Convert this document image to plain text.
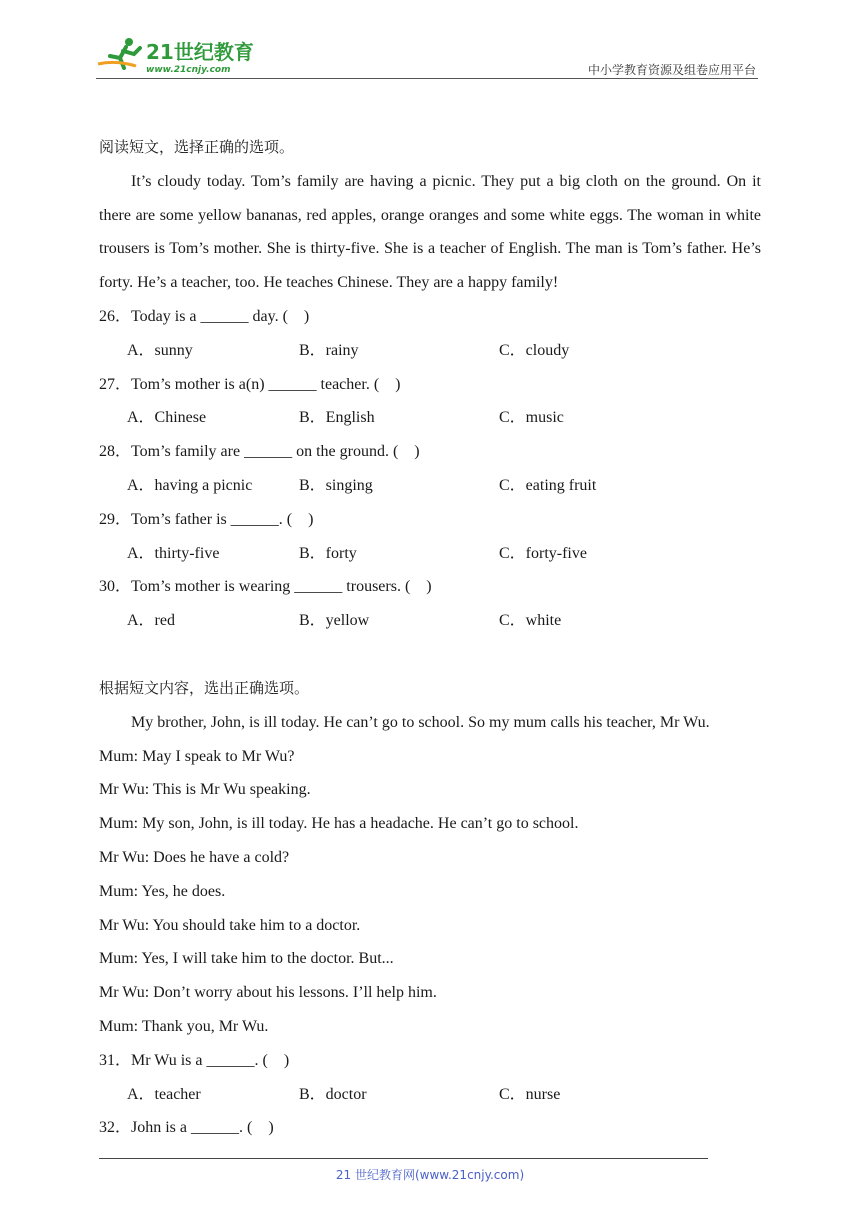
21世纪教育
www.21cnjy.com	中小学教育资源及组卷应用平台
阅读短文，选择正确的选项。
It’s cloudy today. Tom’s family are having a picnic. They put a big cloth on the ground. On it there are some yellow bananas, red apples, orange oranges and some white eggs. The woman in white trousers is Tom’s mother. She is thirty-five. She is a teacher of English. The man is Tom’s father. He’s forty. He’s a teacher, too. He teaches Chinese. They are a happy family!
26．Today is a ______ day. (　)
A．sunny	B．rainy	C．cloudy
27．Tom’s mother is a(n) ______ teacher. (　)
A．Chinese	B．English	C．music
28．Tom’s family are ______ on the ground. (　)
A．having a picnic	B．singing	C．eating fruit
29．Tom’s father is ______. (　)
A．thirty-five	B．forty	C．forty-five
30．Tom’s mother is wearing ______ trousers. (　)
A．red	B．yellow	C．white
根据短文内容，选出正确选项。
My brother, John, is ill today. He can’t go to school. So my mum calls his teacher, Mr Wu.
Mum: May I speak to Mr Wu?
Mr Wu: This is Mr Wu speaking.
Mum: My son, John, is ill today. He has a headache. He can’t go to school.
Mr Wu: Does he have a cold?
Mum: Yes, he does.
Mr Wu: You should take him to a doctor.
Mum: Yes, I will take him to the doctor. But...
Mr Wu: Don’t worry about his lessons. I’ll help him.
Mum: Thank you, Mr Wu.
31．Mr Wu is a ______. (　)
A．teacher	B．doctor	C．nurse
32．John is a ______. (　)
21 世纪教育网(www.21cnjy.com)
